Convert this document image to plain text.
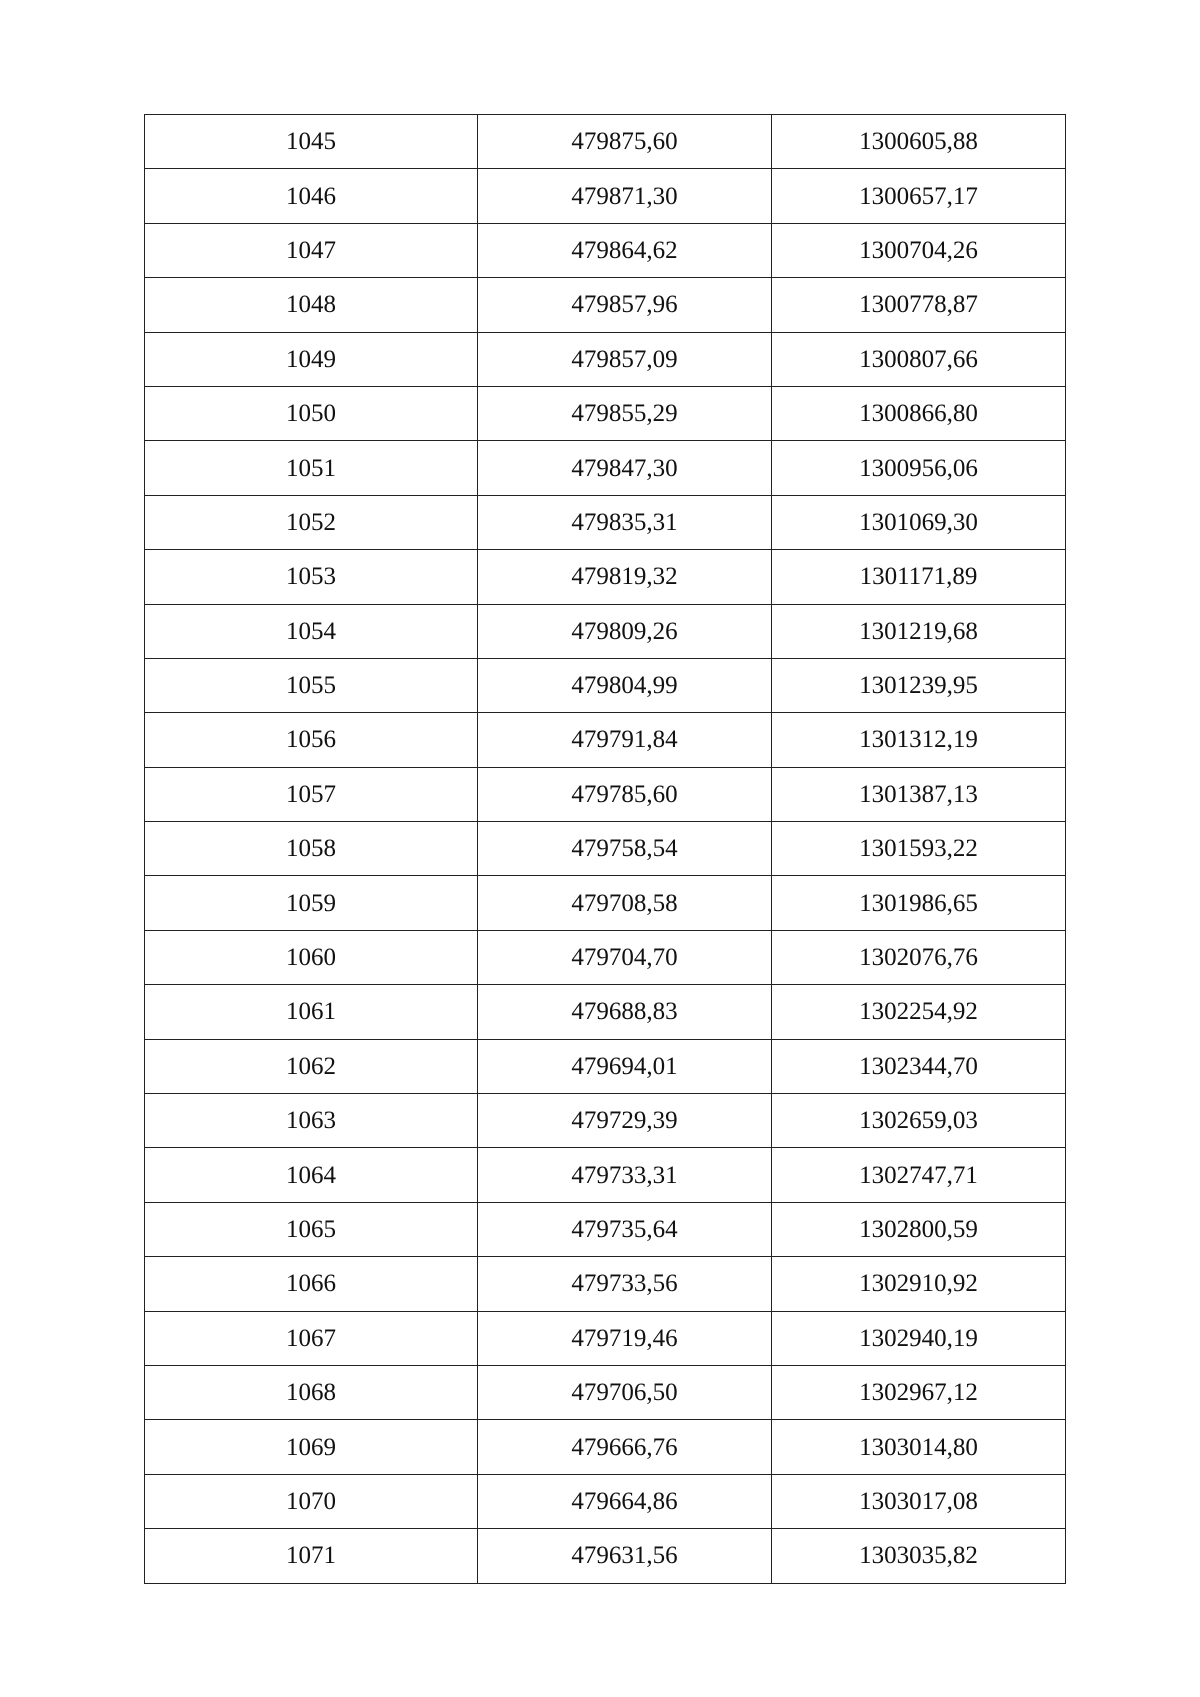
1045	479875,60	1300605,88
1046	479871,30	1300657,17
1047	479864,62	1300704,26
1048	479857,96	1300778,87
1049	479857,09	1300807,66
1050	479855,29	1300866,80
1051	479847,30	1300956,06
1052	479835,31	1301069,30
1053	479819,32	1301171,89
1054	479809,26	1301219,68
1055	479804,99	1301239,95
1056	479791,84	1301312,19
1057	479785,60	1301387,13
1058	479758,54	1301593,22
1059	479708,58	1301986,65
1060	479704,70	1302076,76
1061	479688,83	1302254,92
1062	479694,01	1302344,70
1063	479729,39	1302659,03
1064	479733,31	1302747,71
1065	479735,64	1302800,59
1066	479733,56	1302910,92
1067	479719,46	1302940,19
1068	479706,50	1302967,12
1069	479666,76	1303014,80
1070	479664,86	1303017,08
1071	479631,56	1303035,82
